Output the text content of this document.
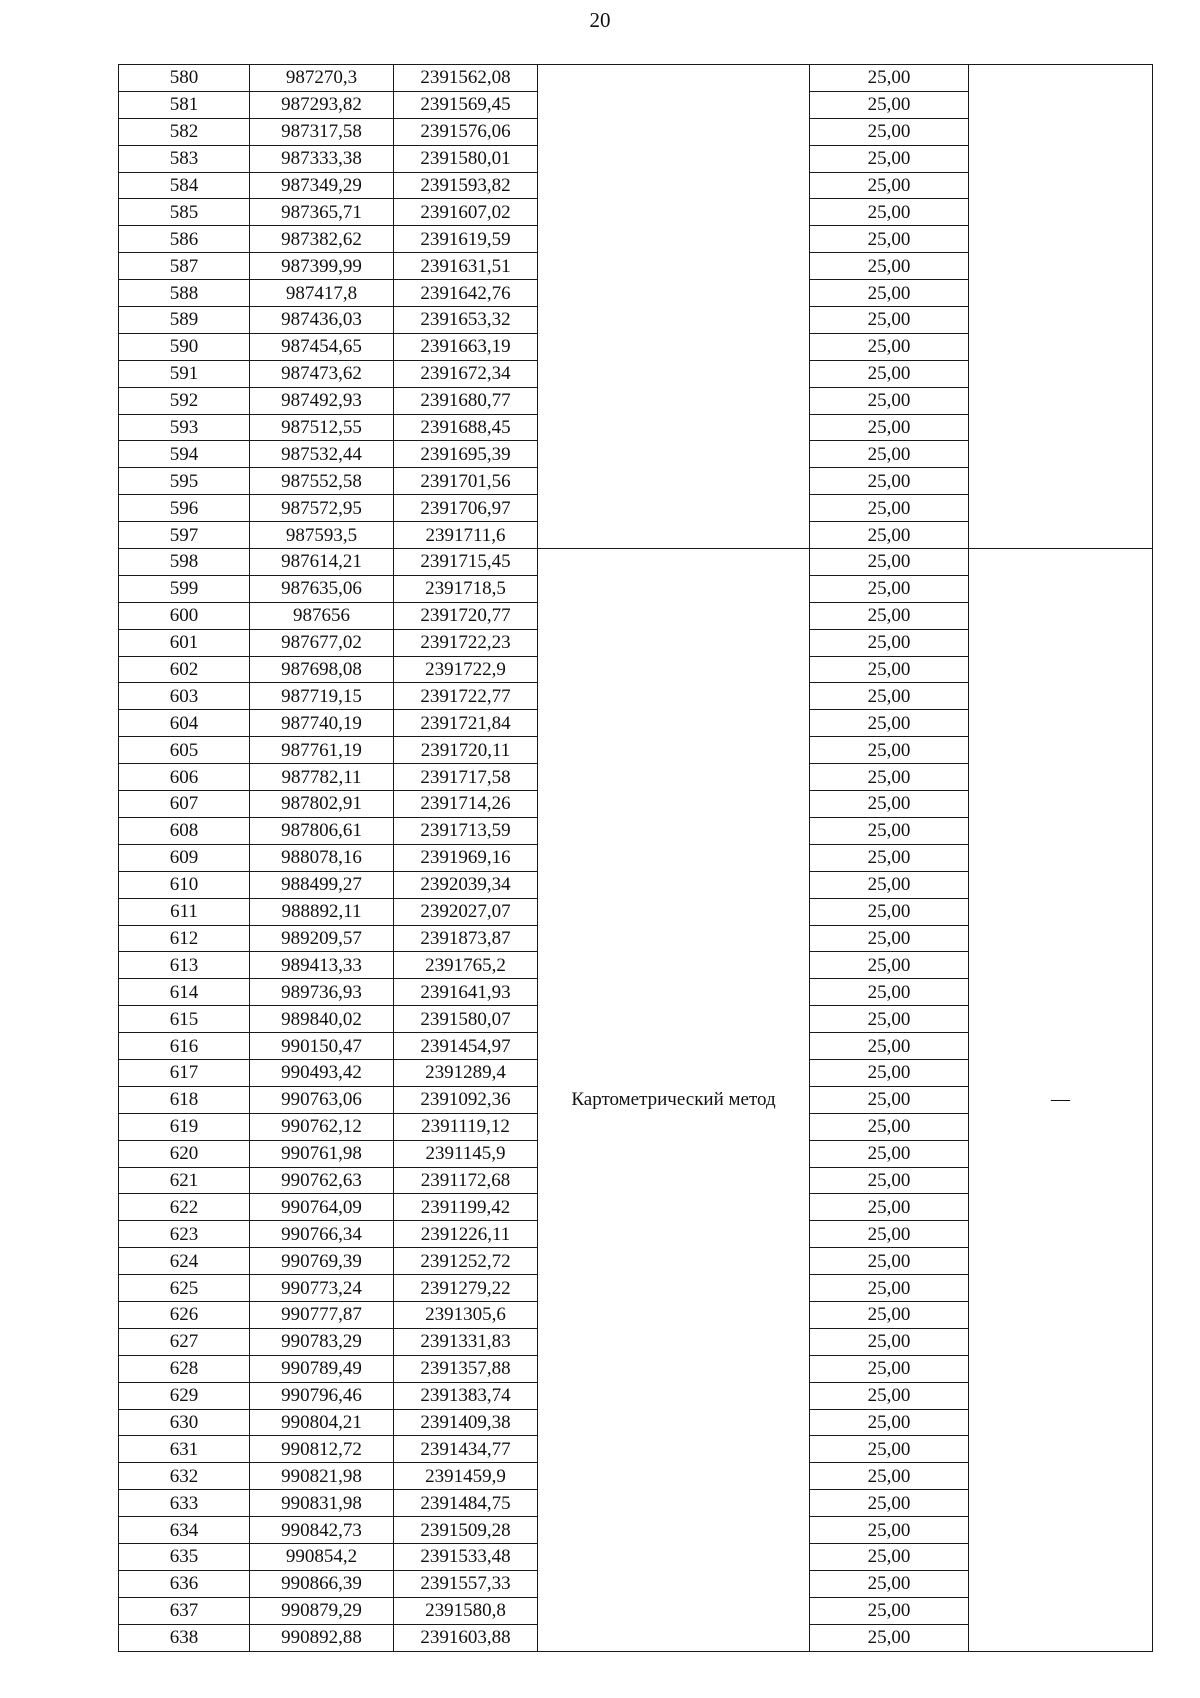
20
580	987270,3	2391562,08		25,00	
581	987293,82	2391569,45		25,00	
582	987317,58	2391576,06		25,00	
583	987333,38	2391580,01		25,00	
584	987349,29	2391593,82		25,00	
585	987365,71	2391607,02		25,00	
586	987382,62	2391619,59		25,00	
587	987399,99	2391631,51		25,00	
588	987417,8	2391642,76		25,00	
589	987436,03	2391653,32		25,00	
590	987454,65	2391663,19		25,00	
591	987473,62	2391672,34		25,00	
592	987492,93	2391680,77		25,00	
593	987512,55	2391688,45		25,00	
594	987532,44	2391695,39		25,00	
595	987552,58	2391701,56		25,00	
596	987572,95	2391706,97		25,00	
597	987593,5	2391711,6		25,00	
598	987614,21	2391715,45	Картометрический метод	25,00	—
599	987635,06	2391718,5		25,00	
600	987656	2391720,77		25,00	
601	987677,02	2391722,23		25,00	
602	987698,08	2391722,9		25,00	
603	987719,15	2391722,77		25,00	
604	987740,19	2391721,84		25,00	
605	987761,19	2391720,11		25,00	
606	987782,11	2391717,58		25,00	
607	987802,91	2391714,26		25,00	
608	987806,61	2391713,59		25,00	
609	988078,16	2391969,16		25,00	
610	988499,27	2392039,34		25,00	
611	988892,11	2392027,07		25,00	
612	989209,57	2391873,87		25,00	
613	989413,33	2391765,2		25,00	
614	989736,93	2391641,93		25,00	
615	989840,02	2391580,07		25,00	
616	990150,47	2391454,97		25,00	
617	990493,42	2391289,4		25,00	
618	990763,06	2391092,36		25,00	
619	990762,12	2391119,12		25,00	
620	990761,98	2391145,9		25,00	
621	990762,63	2391172,68		25,00	
622	990764,09	2391199,42		25,00	
623	990766,34	2391226,11		25,00	
624	990769,39	2391252,72		25,00	
625	990773,24	2391279,22		25,00	
626	990777,87	2391305,6		25,00	
627	990783,29	2391331,83		25,00	
628	990789,49	2391357,88		25,00	
629	990796,46	2391383,74		25,00	
630	990804,21	2391409,38		25,00	
631	990812,72	2391434,77		25,00	
632	990821,98	2391459,9		25,00	
633	990831,98	2391484,75		25,00	
634	990842,73	2391509,28		25,00	
635	990854,2	2391533,48		25,00	
636	990866,39	2391557,33		25,00	
637	990879,29	2391580,8		25,00	
638	990892,88	2391603,88		25,00	
